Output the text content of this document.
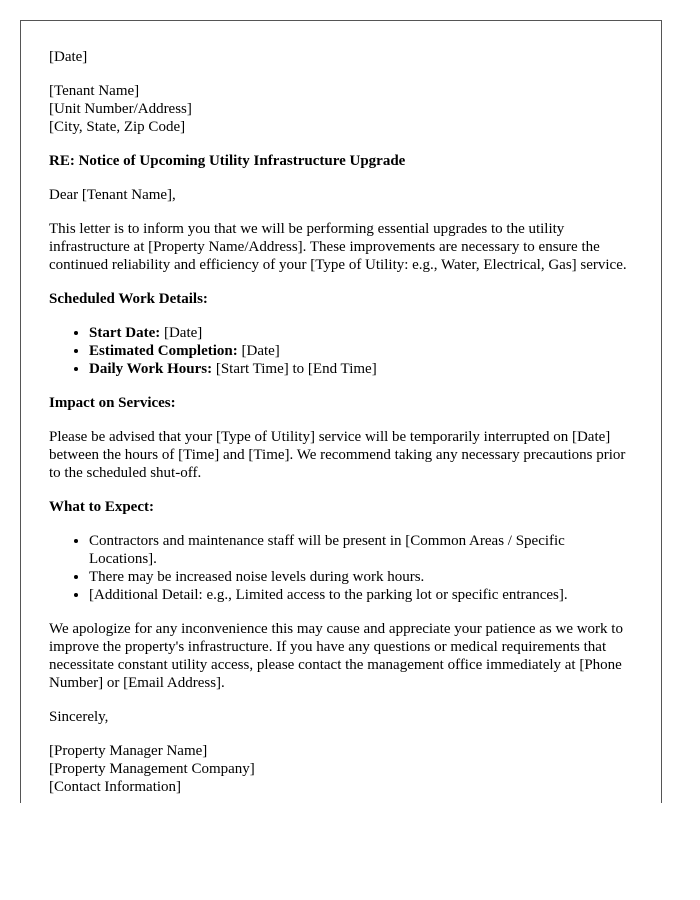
[Date]

[Tenant Name]
[Unit Number/Address]
[City, State, Zip Code]

RE: Notice of Upcoming Utility Infrastructure Upgrade

Dear [Tenant Name],

This letter is to inform you that we will be performing essential upgrades to the utility infrastructure at [Property Name/Address]. These improvements are necessary to ensure the continued reliability and efficiency of your [Type of Utility: e.g., Water, Electrical, Gas] service.

Scheduled Work Details:

• Start Date: [Date]
• Estimated Completion: [Date]
• Daily Work Hours: [Start Time] to [End Time]

Impact on Services:

Please be advised that your [Type of Utility] service will be temporarily interrupted on [Date] between the hours of [Time] and [Time]. We recommend taking any necessary precautions prior to the scheduled shut-off.

What to Expect:

• Contractors and maintenance staff will be present in [Common Areas / Specific Locations].
• There may be increased noise levels during work hours.
• [Additional Detail: e.g., Limited access to the parking lot or specific entrances].

We apologize for any inconvenience this may cause and appreciate your patience as we work to improve the property's infrastructure. If you have any questions or medical requirements that necessitate constant utility access, please contact the management office immediately at [Phone Number] or [Email Address].

Sincerely,

[Property Manager Name]
[Property Management Company]
[Contact Information]
